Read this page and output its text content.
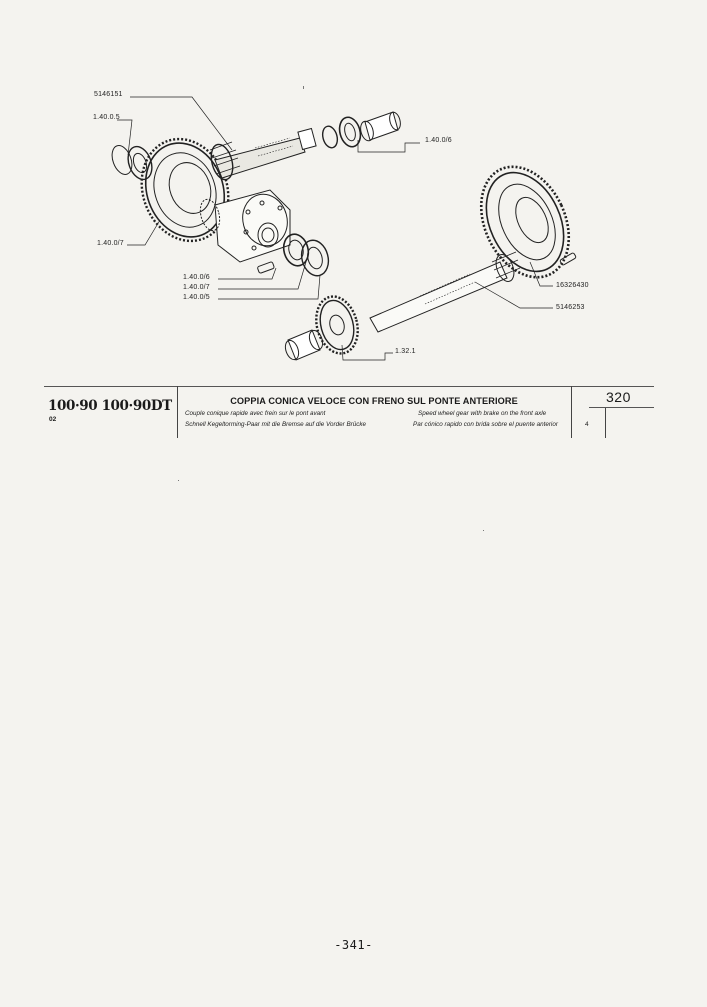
5146151
1.40.0.5
1.40.0/6
1.40.0/7
1.40.0/6
1.40.0/7
1.40.0/5
16326430
5146253
1.32.1
100·90 100·90DT
02
COPPIA CONICA VELOCE CON FRENO SUL PONTE ANTERIORE
Couple conique rapide avec frein sur le pont avant	Speed wheel gear with brake on the front axle
Schnell Kegeltorming-Paar mit die Bremse auf die Vorder Brücke	Par cónico rapido con brida sobre el puente anterior
320
4
-341-
